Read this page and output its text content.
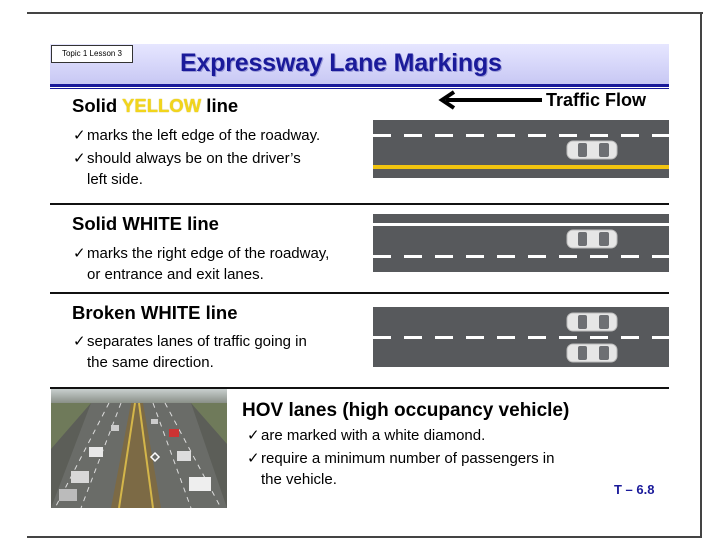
Topic 1 Lesson 3	Expressway Lane Markings
Traffic Flow
Solid YELLOW line
✓marks the left edge of the roadway.
✓should always be on the driver’s
left side.
Solid WHITE line
✓marks the right edge of the roadway,
or entrance and exit lanes.
Broken WHITE line
✓separates lanes of traffic going in
the same direction.
HOV lanes (high occupancy vehicle)
✓are marked with a white diamond.
✓require a minimum number of passengers in
the vehicle.
T – 6.8
